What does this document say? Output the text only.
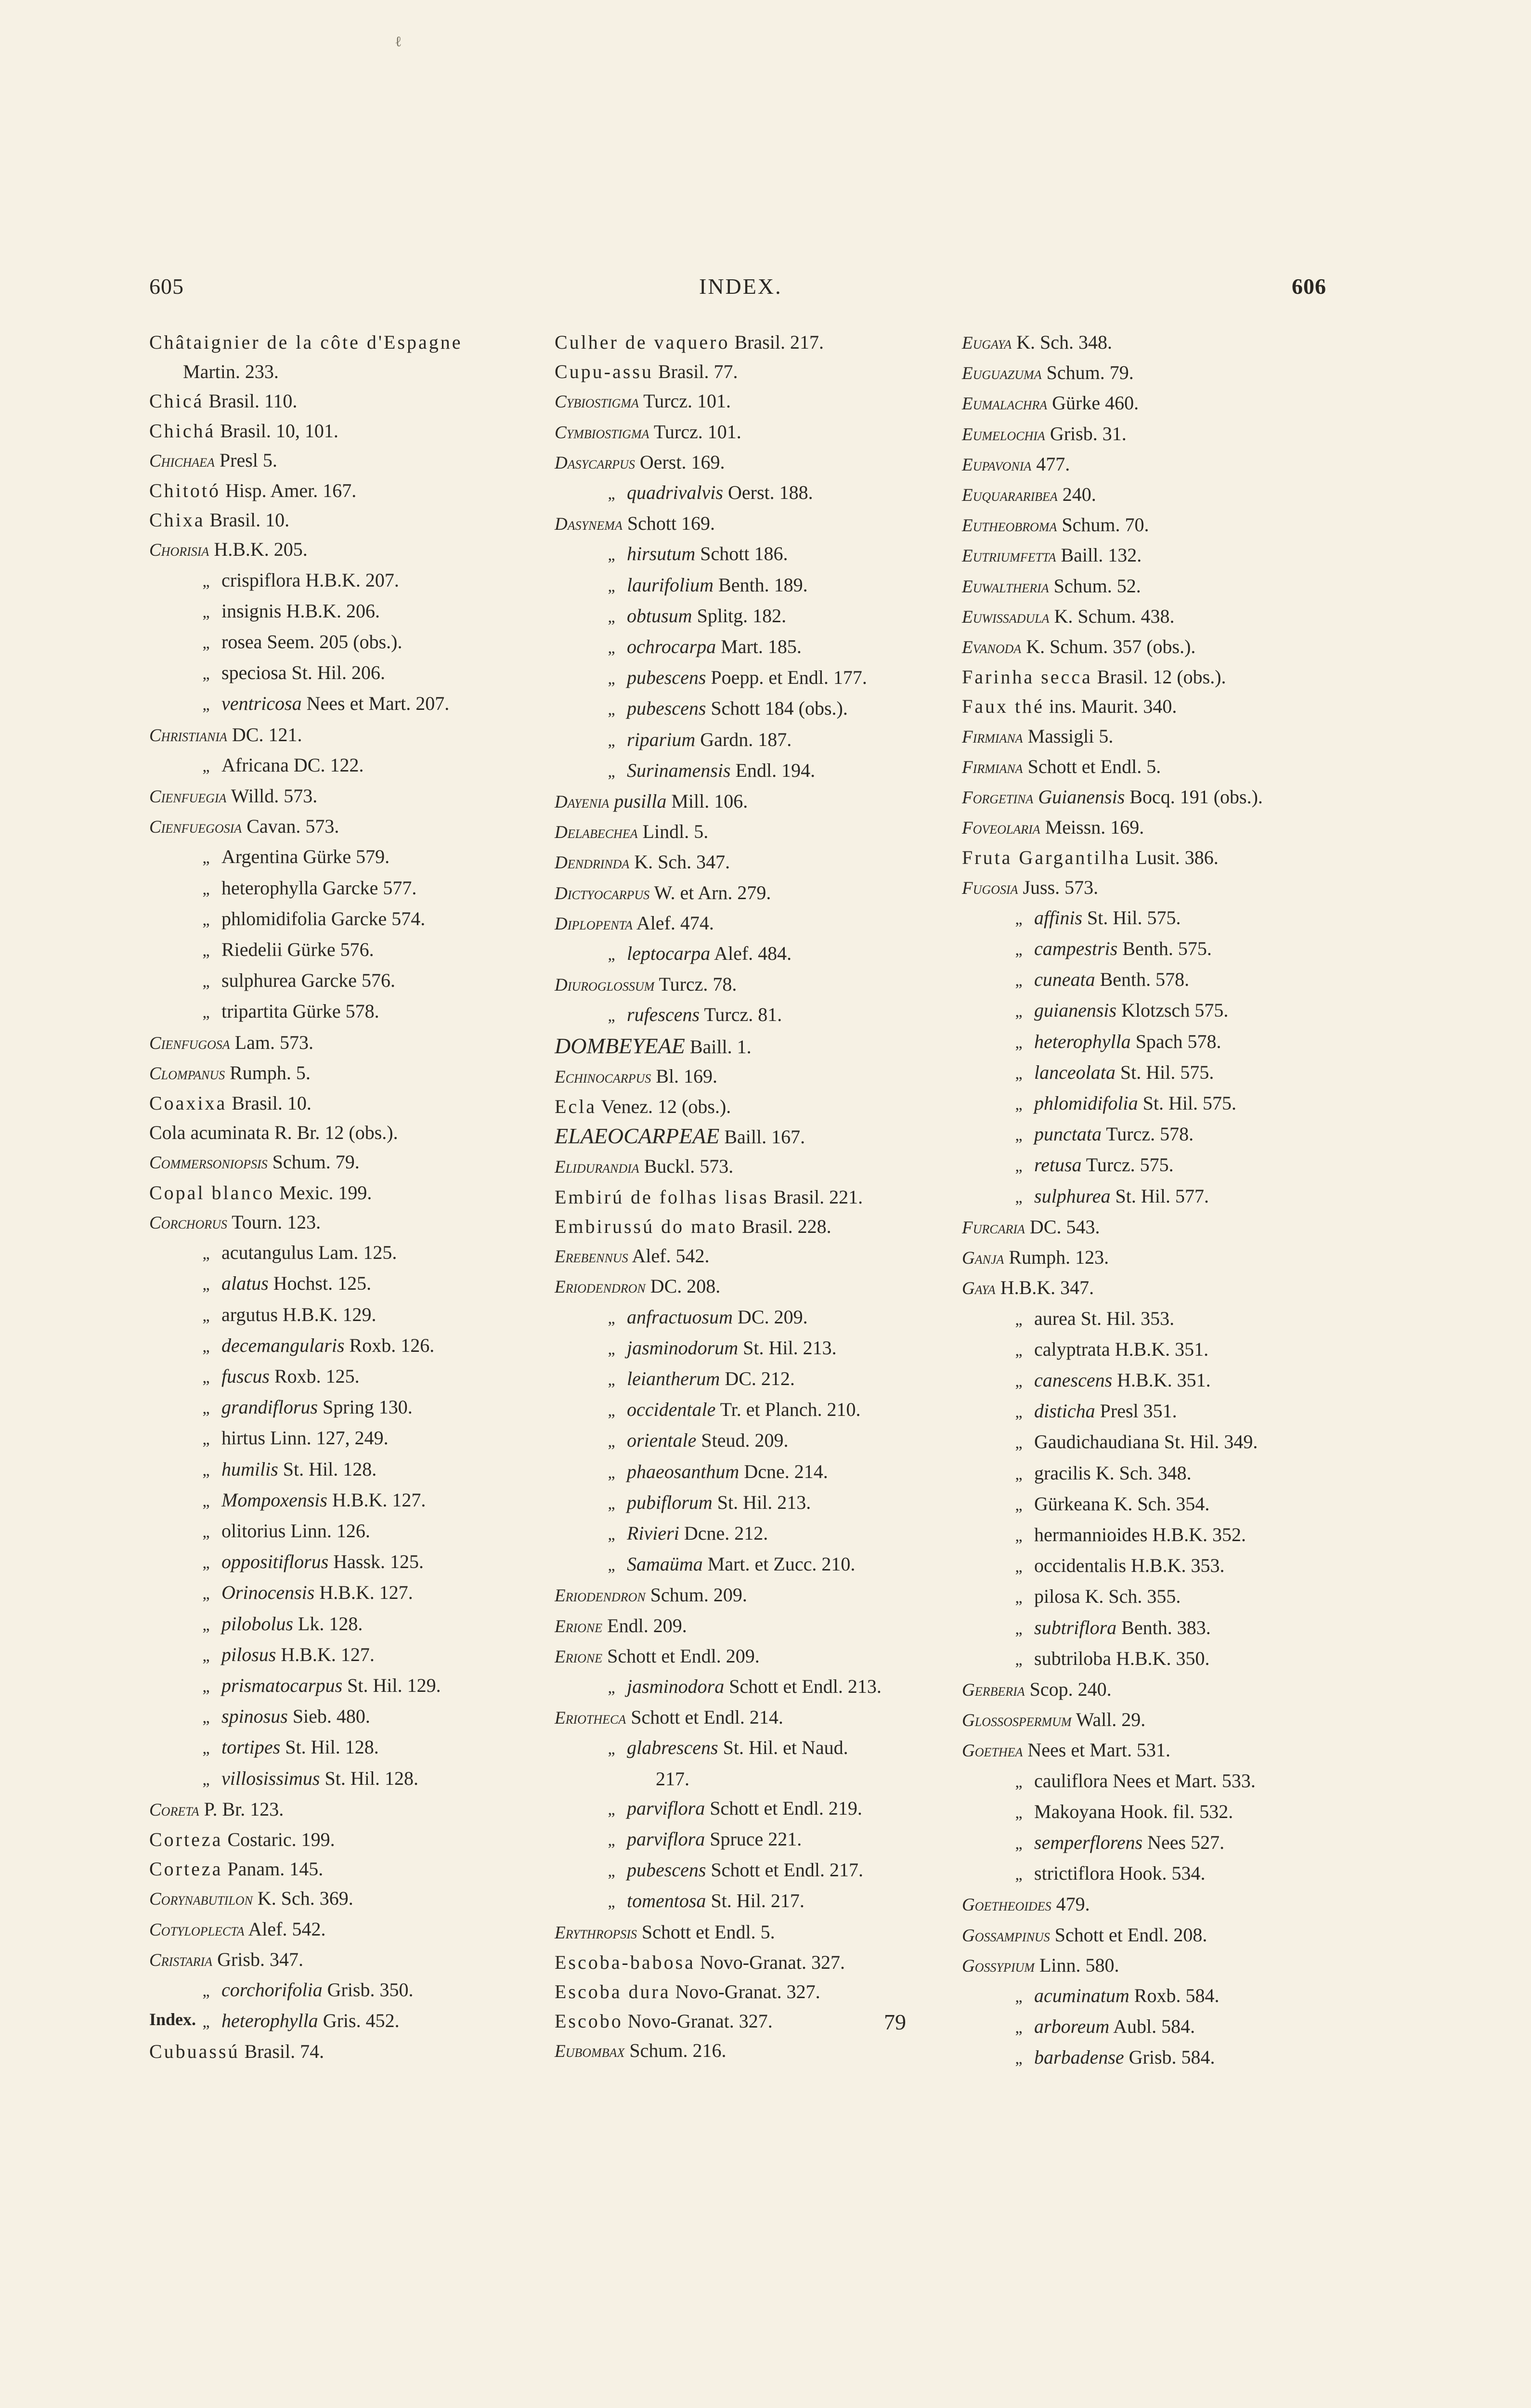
ℓ
605	INDEX.	606
Châtaignier de la côte d'Espagne
Martin. 233.
Chicá Brasil. 110.
Chichá Brasil. 10, 101.
Chichaea Presl 5.
Chitotó Hisp. Amer. 167.
Chixa Brasil. 10.
Chorisia H.B.K. 205.
„ crispiflora H.B.K. 207.
„ insignis H.B.K. 206.
„ rosea Seem. 205 (obs.).
„ speciosa St. Hil. 206.
„ ventricosa Nees et Mart. 207.
Christiania DC. 121.
„ Africana DC. 122.
Cienfuegia Willd. 573.
Cienfuegosia Cavan. 573.
„ Argentina Gürke 579.
„ heterophylla Garcke 577.
„ phlomidifolia Garcke 574.
„ Riedelii Gürke 576.
„ sulphurea Garcke 576.
„ tripartita Gürke 578.
Cienfugosa Lam. 573.
Clompanus Rumph. 5.
Coaxixa Brasil. 10.
Cola acuminata R. Br. 12 (obs.).
Commersoniopsis Schum. 79.
Copal blanco Mexic. 199.
Corchorus Tourn. 123.
„ acutangulus Lam. 125.
„ alatus Hochst. 125.
„ argutus H.B.K. 129.
„ decemangularis Roxb. 126.
„ fuscus Roxb. 125.
„ grandiflorus Spring 130.
„ hirtus Linn. 127, 249.
„ humilis St. Hil. 128.
„ Mompoxensis H.B.K. 127.
„ olitorius Linn. 126.
„ oppositiflorus Hassk. 125.
„ Orinocensis H.B.K. 127.
„ pilobolus Lk. 128.
„ pilosus H.B.K. 127.
„ prismatocarpus St. Hil. 129.
„ spinosus Sieb. 480.
„ tortipes St. Hil. 128.
„ villosissimus St. Hil. 128.
Coreta P. Br. 123.
Corteza Costaric. 199.
Corteza Panam. 145.
Corynabutilon K. Sch. 369.
Cotyloplecta Alef. 542.
Cristaria Grisb. 347.
„ corchorifolia Grisb. 350.
„ heterophylla Gris. 452.
Cubuassú Brasil. 74.
Culher de vaquero Brasil. 217.
Cupu-assu Brasil. 77.
Cybiostigma Turcz. 101.
Cymbiostigma Turcz. 101.
Dasycarpus Oerst. 169.
„ quadrivalvis Oerst. 188.
Dasynema Schott 169.
„ hirsutum Schott 186.
„ laurifolium Benth. 189.
„ obtusum Splitg. 182.
„ ochrocarpa Mart. 185.
„ pubescens Poepp. et Endl. 177.
„ pubescens Schott 184 (obs.).
„ riparium Gardn. 187.
„ Surinamensis Endl. 194.
Dayenia pusilla Mill. 106.
Delabechea Lindl. 5.
Dendrinda K. Sch. 347.
Dictyocarpus W. et Arn. 279.
Diplopenta Alef. 474.
„ leptocarpa Alef. 484.
Diuroglossum Turcz. 78.
„ rufescens Turcz. 81.
DOMBEYEAE Baill. 1.
Echinocarpus Bl. 169.
Ecla Venez. 12 (obs.).
ELAEOCARPEAE Baill. 167.
Elidurandia Buckl. 573.
Embirú de folhas lisas Brasil. 221.
Embirussú do mato Brasil. 228.
Erebennus Alef. 542.
Eriodendron DC. 208.
„ anfractuosum DC. 209.
„ jasminodorum St. Hil. 213.
„ leiantherum DC. 212.
„ occidentale Tr. et Planch. 210.
„ orientale Steud. 209.
„ phaeosanthum Dcne. 214.
„ pubiflorum St. Hil. 213.
„ Rivieri Dcne. 212.
„ Samaüma Mart. et Zucc. 210.
Eriodendron Schum. 209.
Erione Endl. 209.
Erione Schott et Endl. 209.
„ jasminodora Schott et Endl. 213.
Eriotheca Schott et Endl. 214.
„ glabrescens St. Hil. et Naud.
217.
„ parviflora Schott et Endl. 219.
„ parviflora Spruce 221.
„ pubescens Schott et Endl. 217.
„ tomentosa St. Hil. 217.
Erythropsis Schott et Endl. 5.
Escoba-babosa Novo-Granat. 327.
Escoba dura Novo-Granat. 327.
Escobo Novo-Granat. 327.
Eubombax Schum. 216.
Eugaya K. Sch. 348.
Euguazuma Schum. 79.
Eumalachra Gürke 460.
Eumelochia Grisb. 31.
Eupavonia 477.
Euquararibea 240.
Eutheobroma Schum. 70.
Eutriumfetta Baill. 132.
Euwaltheria Schum. 52.
Euwissadula K. Schum. 438.
Evanoda K. Schum. 357 (obs.).
Farinha secca Brasil. 12 (obs.).
Faux thé ins. Maurit. 340.
Firmiana Massigli 5.
Firmiana Schott et Endl. 5.
Forgetina Guianensis Bocq. 191 (obs.).
Foveolaria Meissn. 169.
Fruta Gargantilha Lusit. 386.
Fugosia Juss. 573.
„ affinis St. Hil. 575.
„ campestris Benth. 575.
„ cuneata Benth. 578.
„ guianensis Klotzsch 575.
„ heterophylla Spach 578.
„ lanceolata St. Hil. 575.
„ phlomidifolia St. Hil. 575.
„ punctata Turcz. 578.
„ retusa Turcz. 575.
„ sulphurea St. Hil. 577.
Furcaria DC. 543.
Ganja Rumph. 123.
Gaya H.B.K. 347.
„ aurea St. Hil. 353.
„ calyptrata H.B.K. 351.
„ canescens H.B.K. 351.
„ disticha Presl 351.
„ Gaudichaudiana St. Hil. 349.
„ gracilis K. Sch. 348.
„ Gürkeana K. Sch. 354.
„ hermannioides H.B.K. 352.
„ occidentalis H.B.K. 353.
„ pilosa K. Sch. 355.
„ subtriflora Benth. 383.
„ subtriloba H.B.K. 350.
Gerberia Scop. 240.
Glossospermum Wall. 29.
Goethea Nees et Mart. 531.
„ cauliflora Nees et Mart. 533.
„ Makoyana Hook. fil. 532.
„ semperflorens Nees 527.
„ strictiflora Hook. 534.
Goetheoides 479.
Gossampinus Schott et Endl. 208.
Gossypium Linn. 580.
„ acuminatum Roxb. 584.
„ arboreum Aubl. 584.
„ barbadense Grisb. 584.
Index.	79
